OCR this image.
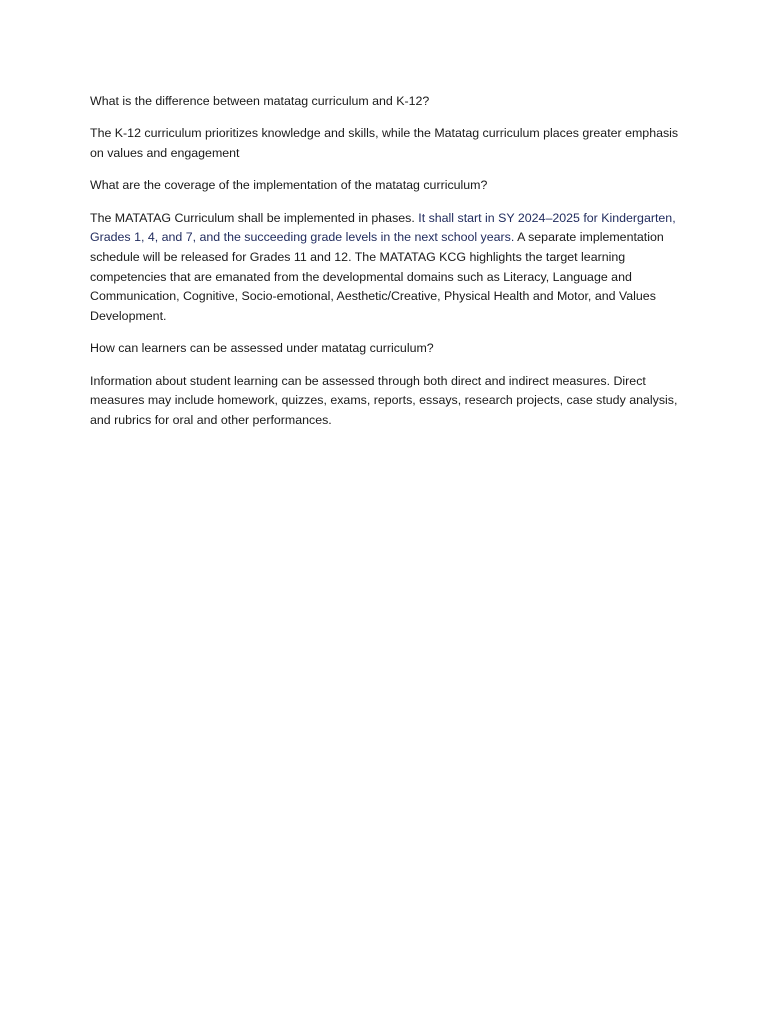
What is the difference between matatag curriculum and K-12?

The K-12 curriculum prioritizes knowledge and skills, while the Matatag curriculum places greater emphasis on values and engagement

What are the coverage of the implementation of the matatag curriculum?

The MATATAG Curriculum shall be implemented in phases. It shall start in SY 2024–2025 for Kindergarten, Grades 1, 4, and 7, and the succeeding grade levels in the next school years. A separate implementation schedule will be released for Grades 11 and 12. The MATATAG KCG highlights the target learning competencies that are emanated from the developmental domains such as Literacy, Language and Communication, Cognitive, Socio-emotional, Aesthetic/Creative, Physical Health and Motor, and Values Development.

How can learners can be assessed under matatag curriculum?

Information about student learning can be assessed through both direct and indirect measures. Direct measures may include homework, quizzes, exams, reports, essays, research projects, case study analysis, and rubrics for oral and other performances.
